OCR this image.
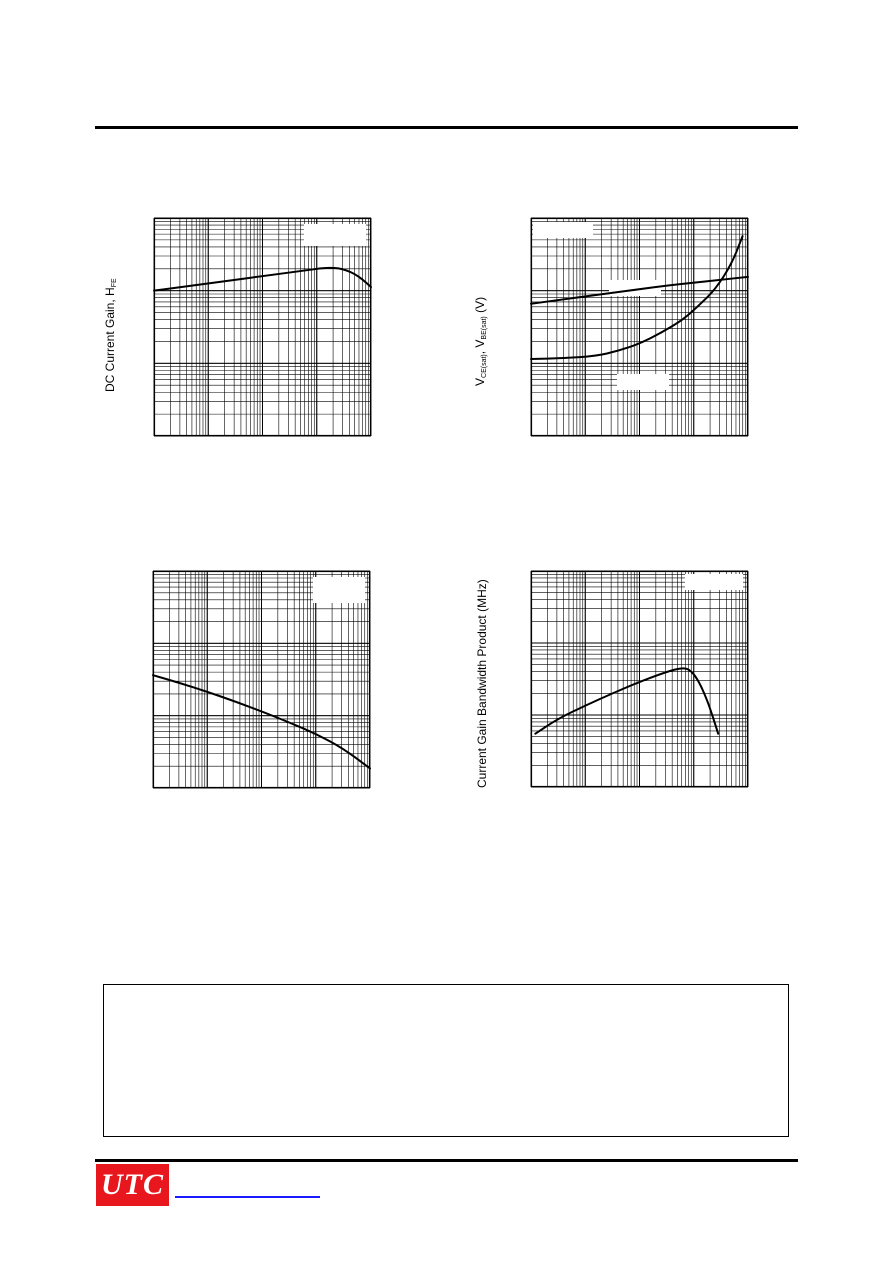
DC Current Gain, $H_{FE}$
$V_{CE(sat)}$, $V_{BE(sat)}$ (V)
Current Gain Bandwidth Product (MHz)
UTC
